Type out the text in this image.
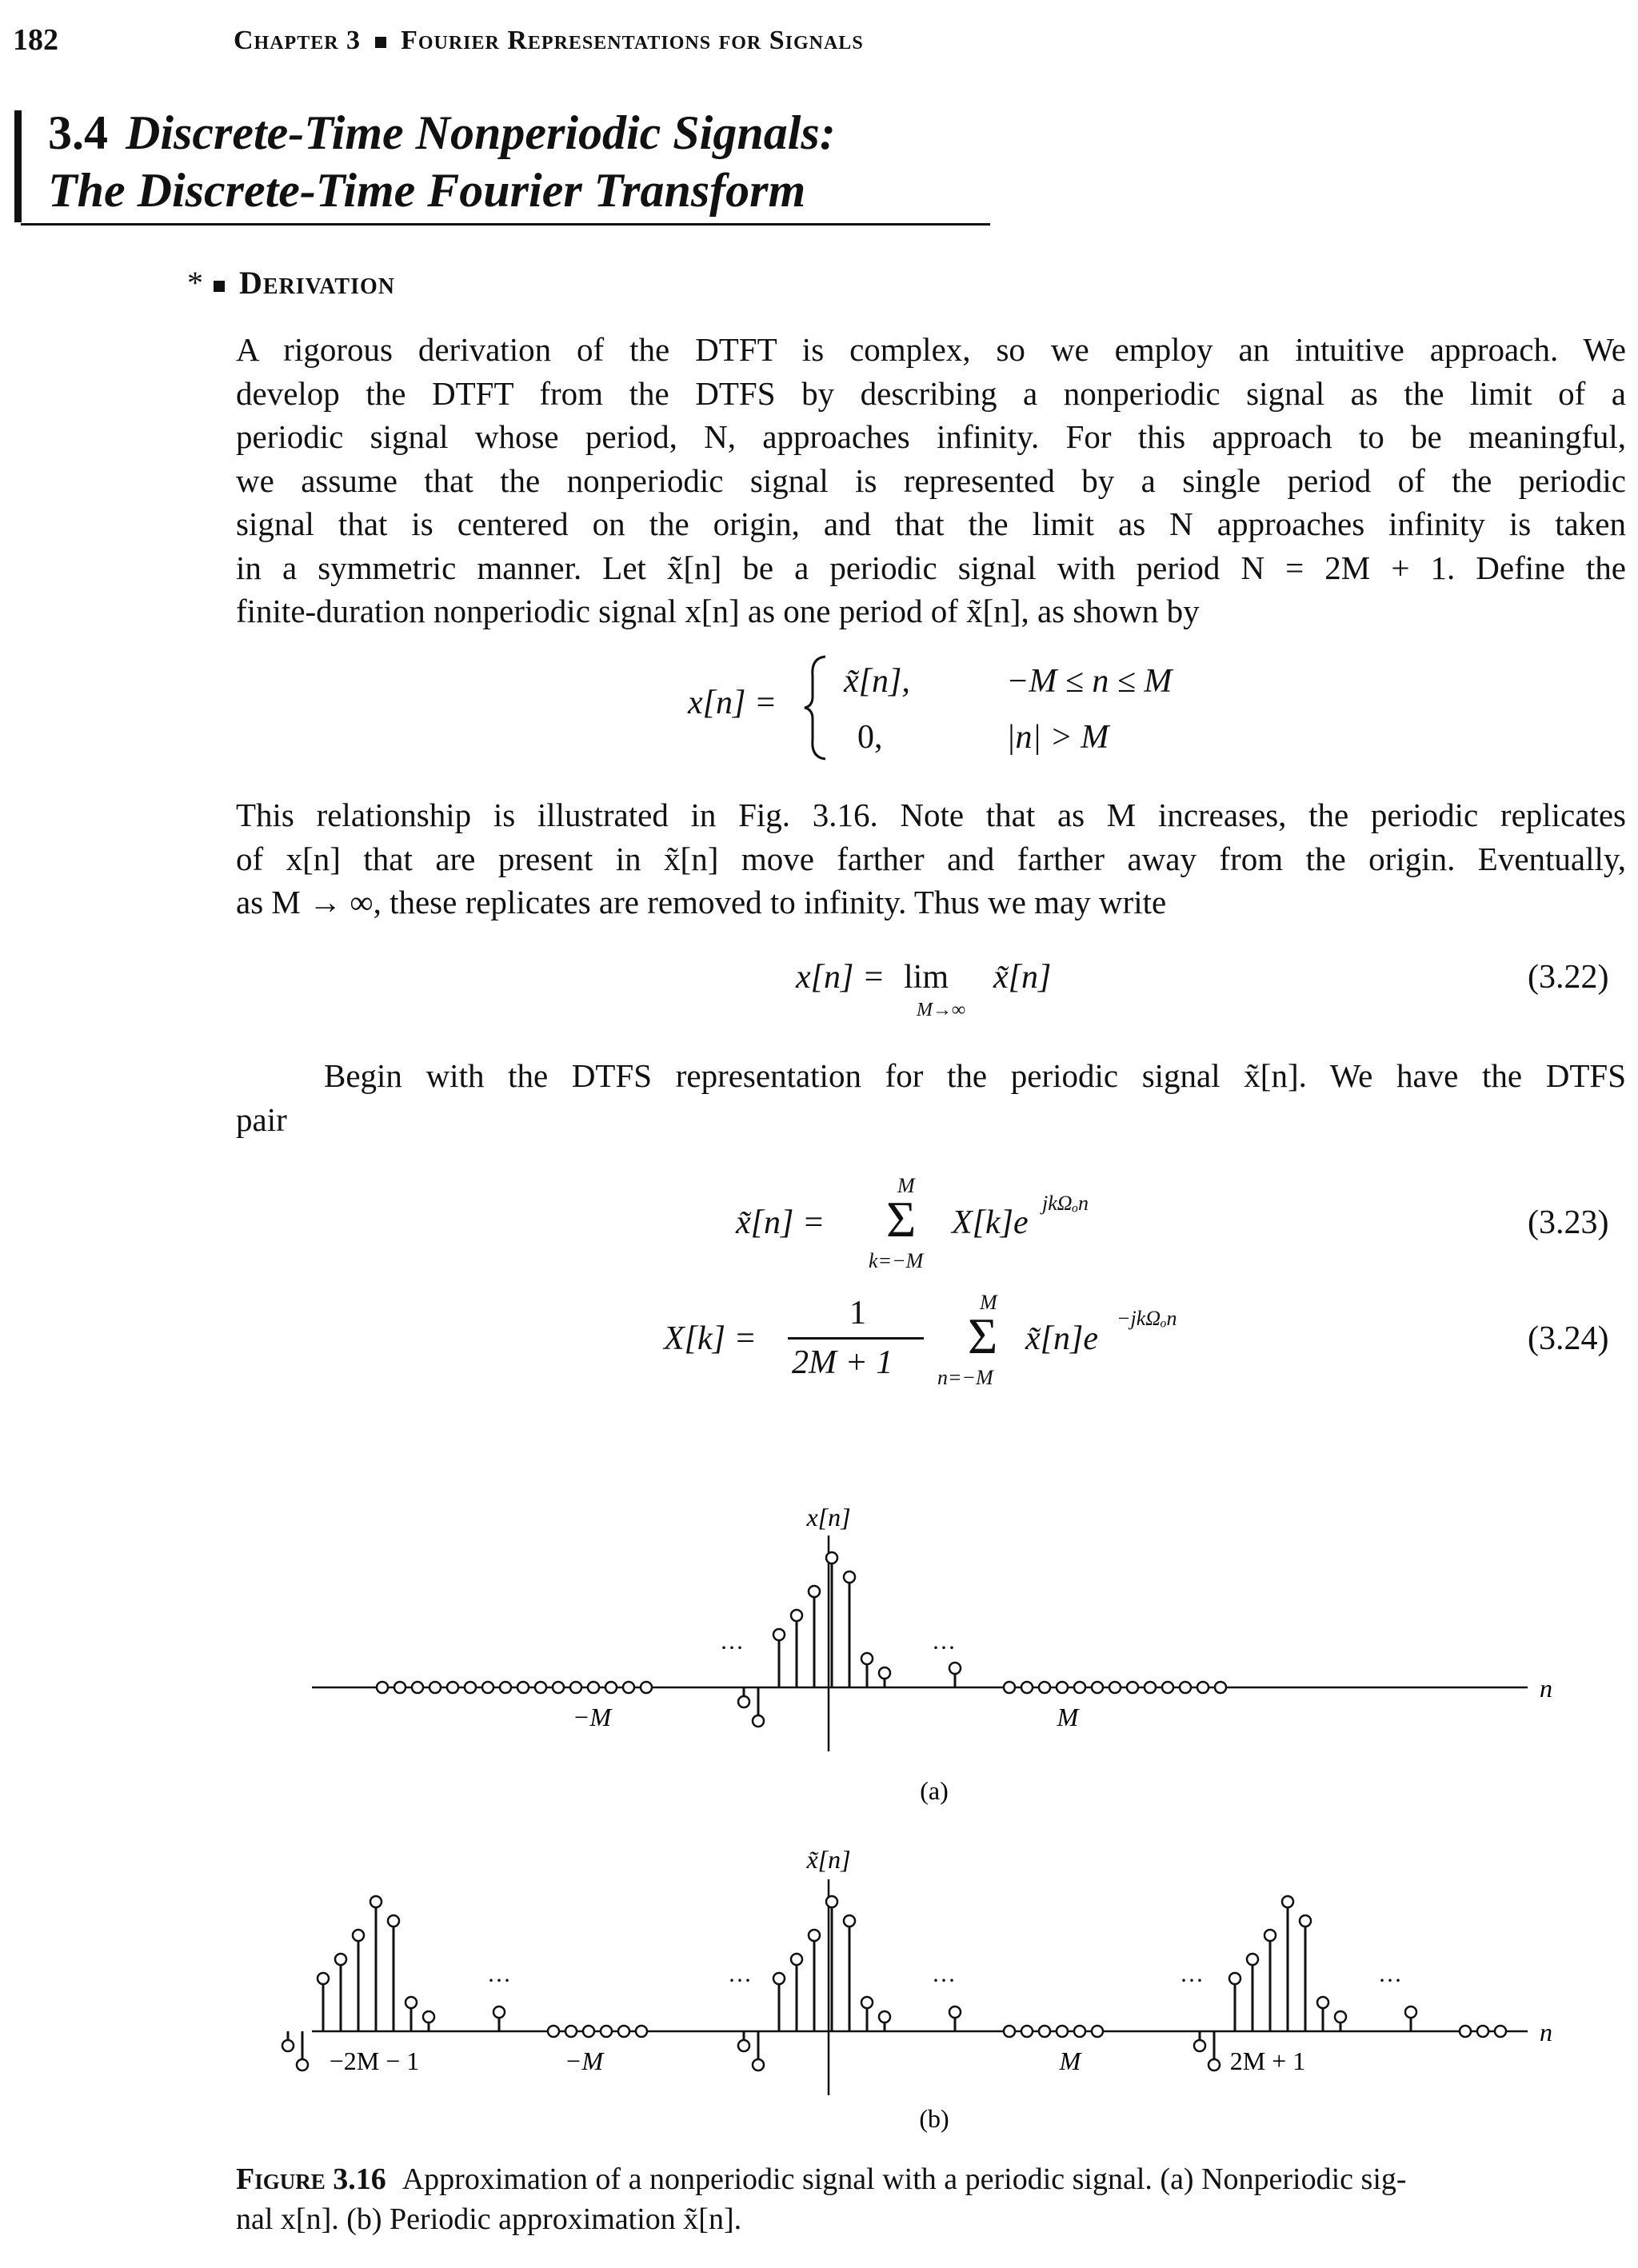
182	Chapter 3 Fourier Representations for Signals
3.4 Discrete-Time Nonperiodic Signals:
The Discrete-Time Fourier Transform
* Derivation
A rigorous derivation of the DTFT is complex, so we employ an intuitive approach. We
develop the DTFT from the DTFS by describing a nonperiodic signal as the limit of a
periodic signal whose period, N, approaches infinity. For this approach to be meaningful,
we assume that the nonperiodic signal is represented by a single period of the periodic
signal that is centered on the origin, and that the limit as N approaches infinity is taken
in a symmetric manner. Let x̃[n] be a periodic signal with period N = 2M + 1. Define the
finite-duration nonperiodic signal x[n] as one period of x̃[n], as shown by
x[n] =
x̃[n],	−M ≤ n ≤ M
0,	|n| > M
This relationship is illustrated in Fig. 3.16. Note that as M increases, the periodic replicates
of x[n] that are present in x̃[n] move farther and farther away from the origin. Eventually,
as M → ∞, these replicates are removed to infinity. Thus we may write
x[n] = lim
M→∞
x̃[n]	(3.22)
Begin with the DTFS representation for the periodic signal x̃[n]. We have the DTFS
pair
x̃[n] =
M
Σ
k=−M
X[k]e
jkΩₒn
(3.23)
X[k] =
1
2M + 1
M
Σ
n=−M
x̃[n]e
−jkΩₒn
(3.24)
x[n]
n
−M	M
···	···
(a)
x̃[n]
n
−2M − 1	−M	M	2M + 1
···	···	···	···	···
(b)
Figure 3.16 Approximation of a nonperiodic signal with a periodic signal. (a) Nonperiodic sig-
nal x[n]. (b) Periodic approximation x̃[n].
